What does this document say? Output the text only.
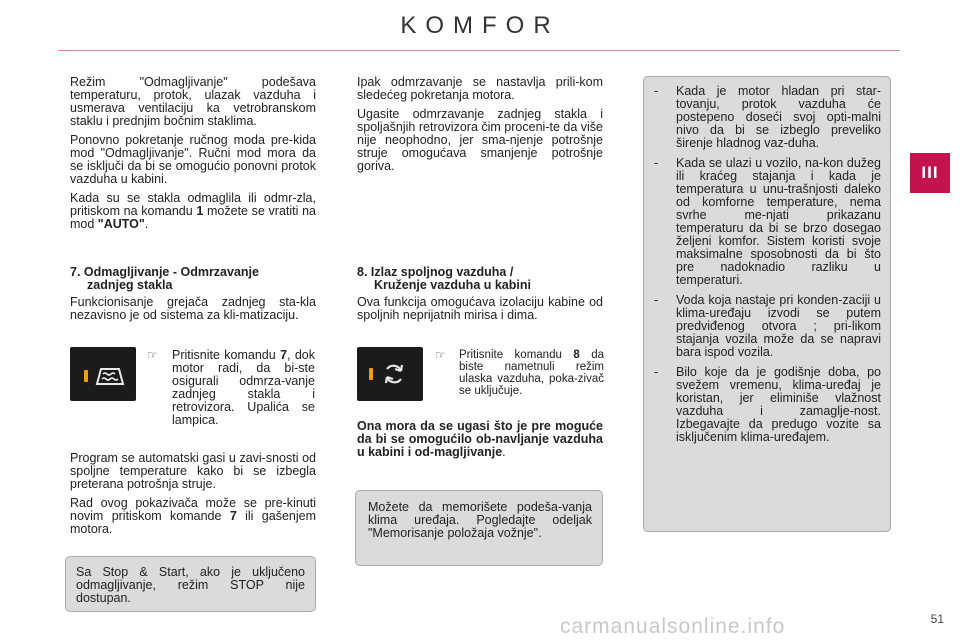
KOMFOR
III

Režim "Odmagljivanje" podešava temperaturu, protok, ulazak vazduha i usmerava ventilaciju ka vetrobranskom staklu i prednjim bočnim staklima.

Ponovno pokretanje ručnog moda pre-kida mod "Odmagljivanje". Ručni mod mora da se isključi da bi se omogućio ponovni protok vazduha u kabini.

Kada su se stakla odmaglila ili odmr-zla, pritiskom na komandu 1 možete se vratiti na mod "AUTO".

7. Odmagljivanje - Odmrzavanje
zadnjeg stakla

Funkcionisanje grejača zadnjeg sta-kla nezavisno je od sistema za kli-matizaciju.

☞ Pritisnite komandu 7, dok motor radi, da bi-ste osigurali odmrza-vanje zadnjeg stakla i retrovizora. Upalića se lampica.

Program se automatski gasi u zavi-snosti od spoljne temperature kako bi se izbegla preterana potrošnja struje.

Rad ovog pokazivača može se pre-kinuti novim pritiskom komande 7 ili gašenjem motora.

Sa Stop & Start, ako je uključeno odmagljivanje, režim STOP nije dostupan.

Ipak odmrzavanje se nastavlja prili-kom sledećeg pokretanja motora.

Ugasite odmrzavanje zadnjeg stakla i spoljašnjih retrovizora čim proceni-te da više nije neophodno, jer sma-njenje potrošnje struje omogućava smanjenje potrošnje goriva.

8. Izlaz spoljnog vazduha /
Kruženje vazduha u kabini

Ova funkcija omogućava izolaciju kabine od spoljnih neprijatnih mirisa i dima.

☞ Pritisnite komandu 8 da biste nametnuli režim ulaska vazduha, poka-zivač se uključuje.

Ona mora da se ugasi što je pre moguće da bi se omogućilo ob-navljanje vazduha u kabini i od-magljivanje.

Možete da memorišete podeša-vanja klima uređaja. Pogledajte odeljak "Memorisanje položaja vožnje".
- Kada je motor hladan pri star-tovanju, protok vazduha će postepeno doseći svoj opti-malni nivo da bi se izbeglo preveliko širenje hladnog vaz-duha.
- Kada se ulazi u vozilo, na-kon dužeg ili kraćeg stajanja i kada je temperatura u unu-trašnjosti daleko od komforne temperature, nema svrhe me-njati prikazanu temperaturu da bi se brzo dosegao željeni komfor. Sistem koristi svoje maksimalne sposobnosti da bi što pre nadoknadio razliku u temperaturi.
- Voda koja nastaje pri konden-zaciji u klima-uređaju izvodi se putem predviđenog otvora ; pri-likom stajanja vozila može da se napravi bara ispod vozila.
- Bilo koje da je godišnje doba, po svežem vremenu, klima-uređaj je koristan, jer eliminiše vlažnost vazduha i zamaglje-nost. Izbegavajte da predugo vozite sa isključenim klima-uređajem.
carmanualsonline.info	51
